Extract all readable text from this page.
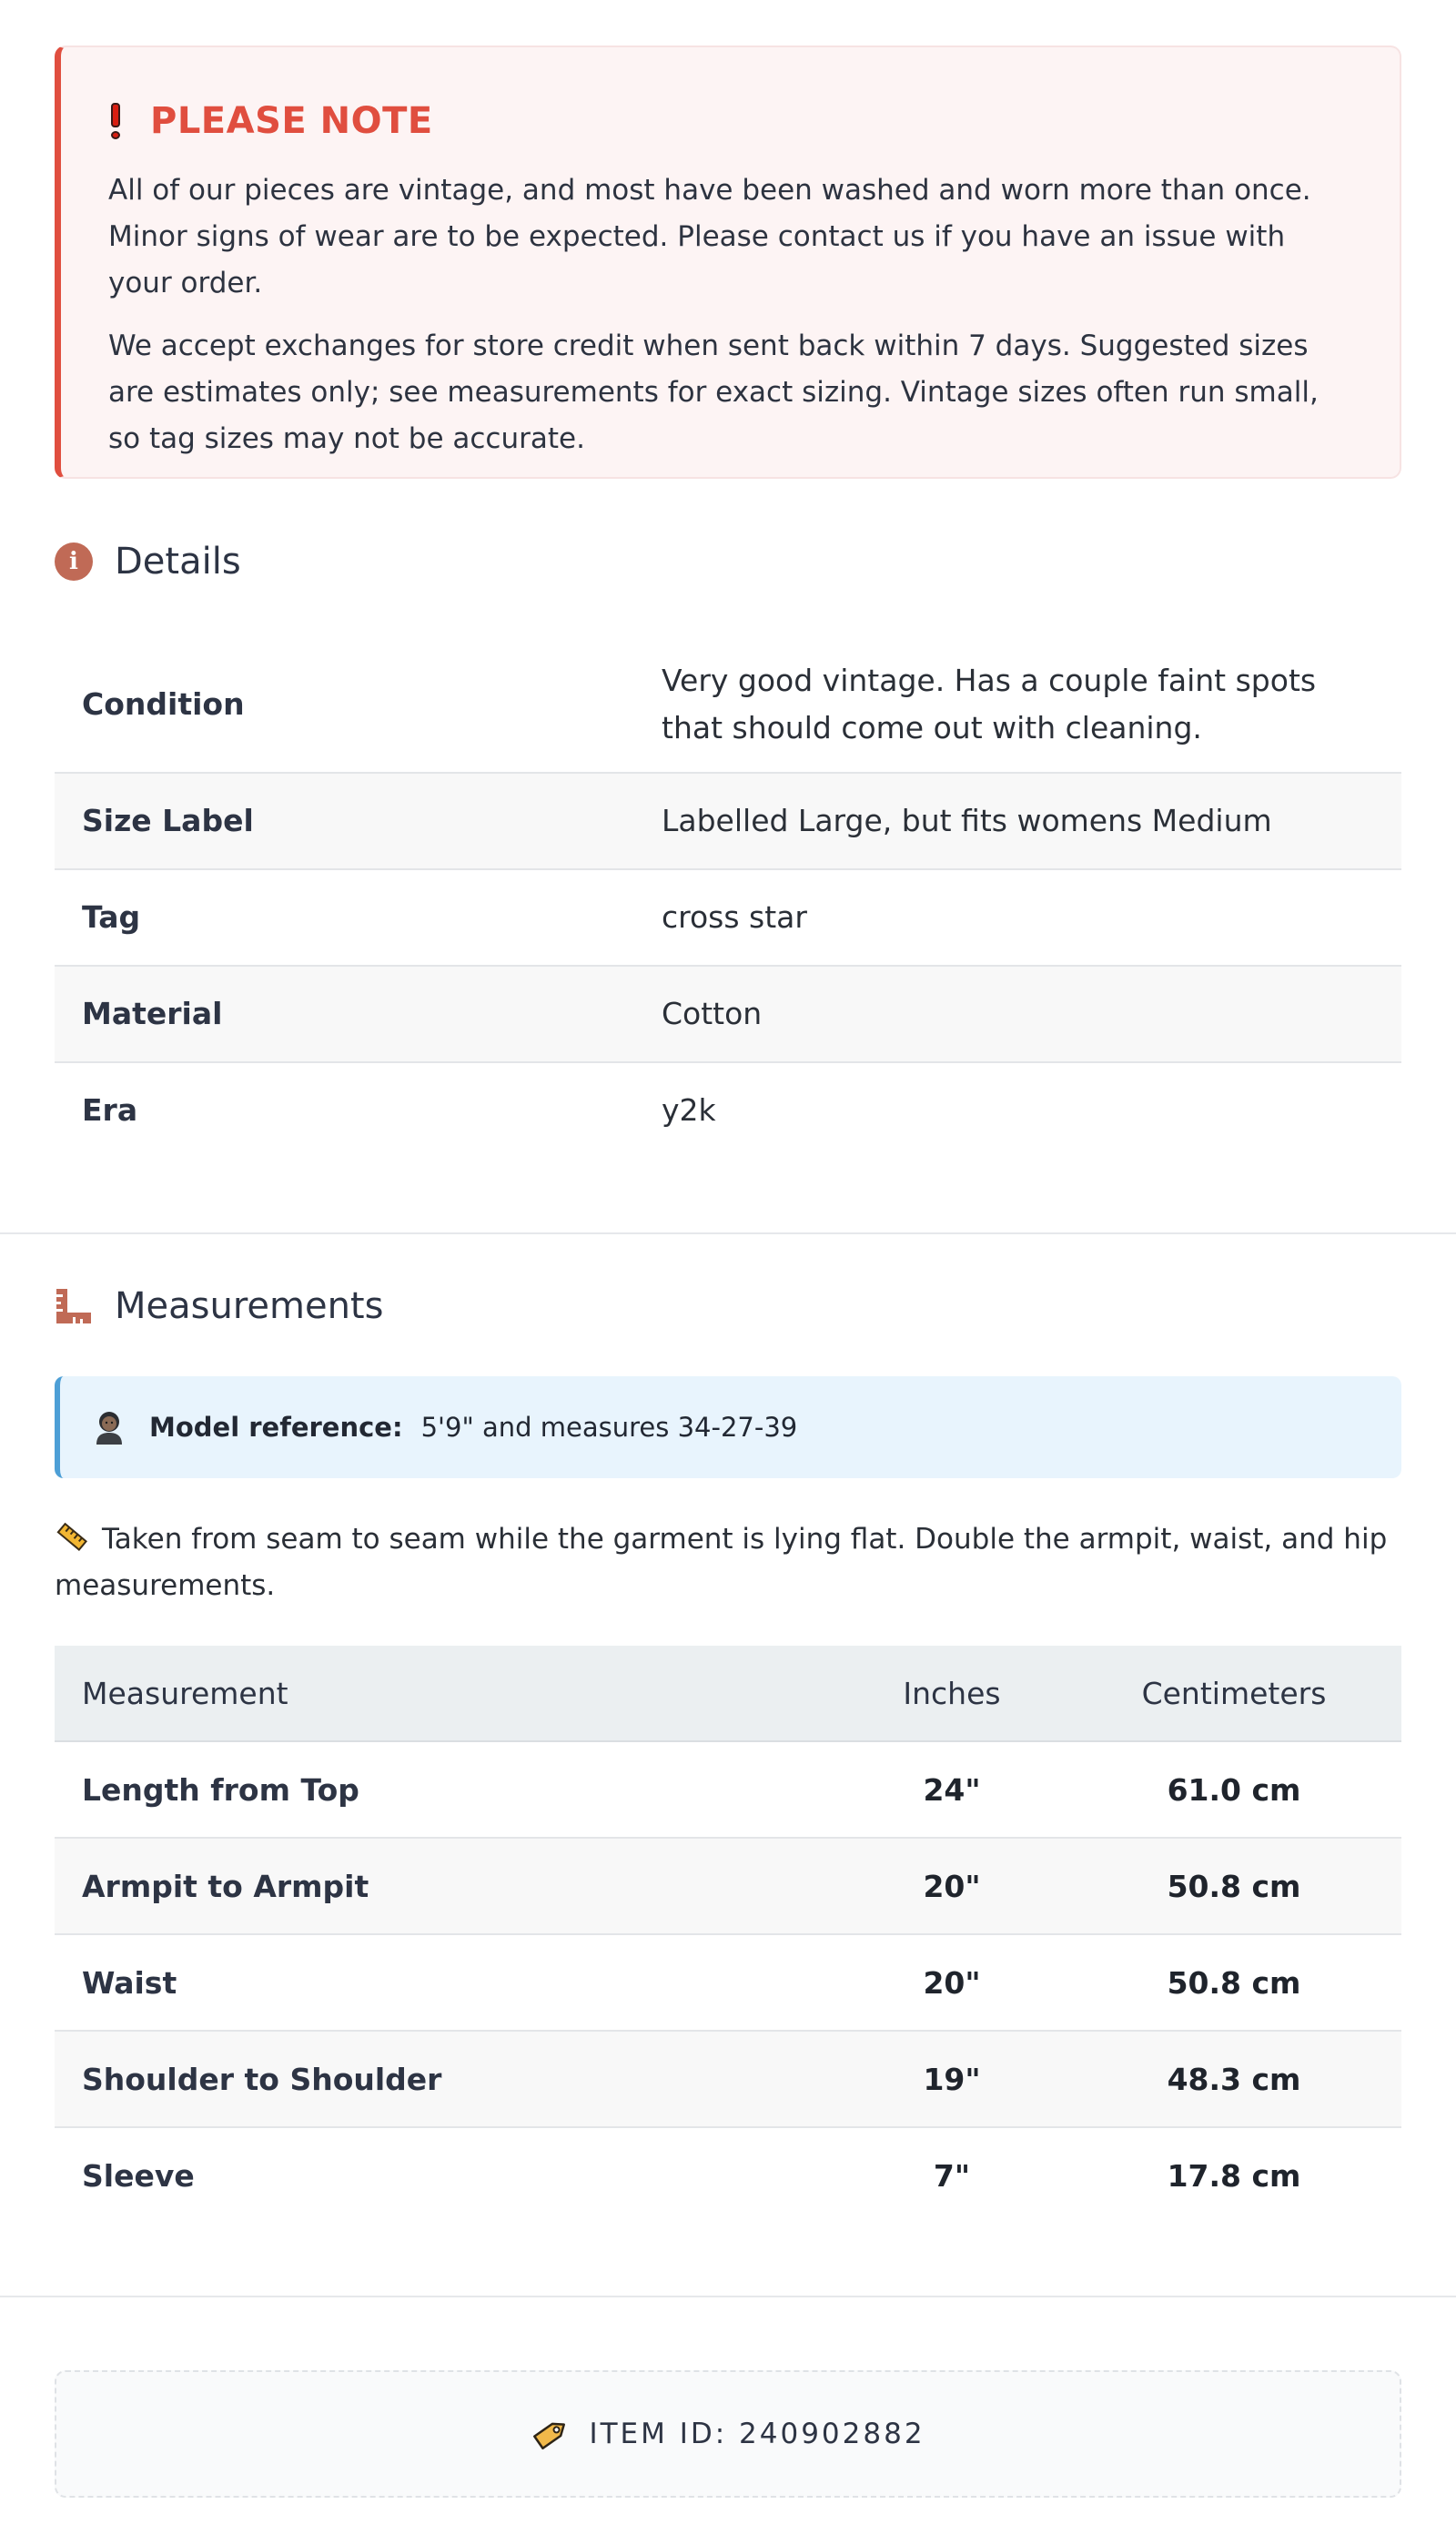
PLEASE NOTE

All of our pieces are vintage, and most have been washed and worn more than once. Minor signs of wear are to be expected. Please contact us if you have an issue with your order.

We accept exchanges for store credit when sent back within 7 days. Suggested sizes are estimates only; see measurements for exact sizing. Vintage sizes often run small, so tag sizes may not be accurate.

i	Details
Condition	Very good vintage. Has a couple faint spots that should come out with cleaning.
Size Label	Labelled Large, but fits womens Medium
Tag	cross star
Material	Cotton
Era	y2k
Measurements
Model reference: 5'9" and measures 34-27-39
Taken from seam to seam while the garment is lying flat. Double the armpit, waist, and hip measurements.
Measurement	Inches	Centimeters
Length from Top	24"	61.0 cm
Armpit to Armpit	20"	50.8 cm
Waist	20"	50.8 cm
Shoulder to Shoulder	19"	48.3 cm
Sleeve	7"	17.8 cm
ITEM ID: 240902882
